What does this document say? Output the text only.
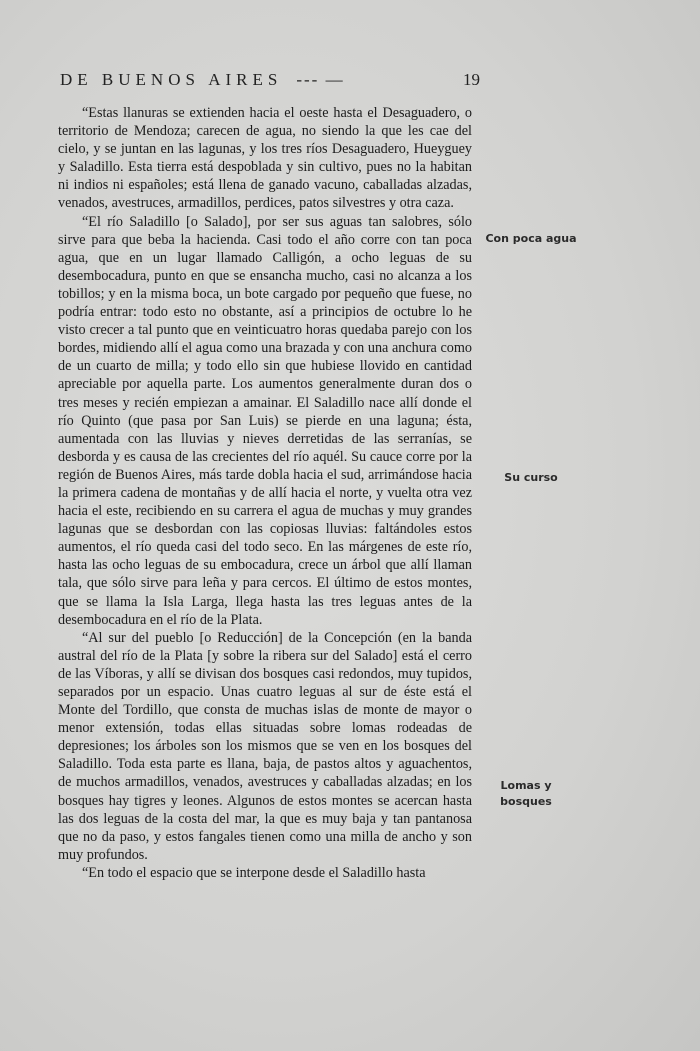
DE BUENOS AIRES --- —	19

“Estas llanuras se extienden hacia el oeste hasta el Desaguadero, o territorio de Mendoza; carecen de agua, no siendo la que les cae del cielo, y se juntan en las lagunas, y los tres ríos Desaguadero, Hueyguey y Saladillo. Esta tierra está despoblada y sin cultivo, pues no la habitan ni indios ni españoles; está llena de ganado vacuno, caballadas alzadas, venados, avestruces, armadillos, perdices, patos silvestres y otra caza.

“El río Saladillo [o Salado], por ser sus aguas tan salobres, sólo sirve para que beba la hacienda. Casi todo el año corre con tan poca agua, que en un lugar llamado Calligón, a ocho leguas de su desembocadura, punto en que se ensancha mucho, casi no alcanza a los tobillos; y en la misma boca, un bote cargado por pequeño que fuese, no podría entrar: todo esto no obstante, así a principios de octubre lo he visto crecer a tal punto que en veinticuatro horas quedaba parejo con los bordes, midiendo allí el agua como una brazada y con una anchura como de un cuarto de milla; y todo ello sin que hubiese llovido en cantidad apreciable por aquella parte. Los aumentos generalmente duran dos o tres meses y recién empiezan a amainar. El Saladillo nace allí donde el río Quinto (que pasa por San Luis) se pierde en una laguna; ésta, aumentada con las lluvias y nieves derretidas de las serranías, se desborda y es causa de las crecientes del río aquél. Su cauce corre por la región de Buenos Aires, más tarde dobla hacia el sud, arrimándose hacia la primera cadena de montañas y de allí hacia el norte, y vuelta otra vez hacia el este, recibiendo en su carrera el agua de muchas y muy grandes lagunas que se desbordan con las copiosas lluvias: faltándoles estos aumentos, el río queda casi del todo seco. En las márgenes de este río, hasta las ocho leguas de su embocadura, crece un árbol que allí llaman tala, que sólo sirve para leña y para cercos. El último de estos montes, que se llama la Isla Larga, llega hasta las tres leguas antes de la desembocadura en el río de la Plata.

“Al sur del pueblo [o Reducción] de la Concepción (en la banda austral del río de la Plata [y sobre la ribera sur del Salado] está el cerro de las Víboras, y allí se divisan dos bosques casi redondos, muy tupidos, separados por un espacio. Unas cuatro leguas al sur de éste está el Monte del Tordillo, que consta de muchas islas de monte de mayor o menor extensión, todas ellas situadas sobre lomas rodeadas de depresiones; los árboles son los mismos que se ven en los bosques del Saladillo. Toda esta parte es llana, baja, de pastos altos y aguachentos, de muchos armadillos, venados, avestruces y caballadas alzadas; en los bosques hay tigres y leones. Algunos de estos montes se acercan hasta las dos leguas de la costa del mar, la que es muy baja y tan pantanosa que no da paso, y estos fangales tienen como una milla de ancho y son muy profundos.

“En todo el espacio que se interpone desde el Saladillo hasta

Con poca agua
Su curso
Lomas y bosques
